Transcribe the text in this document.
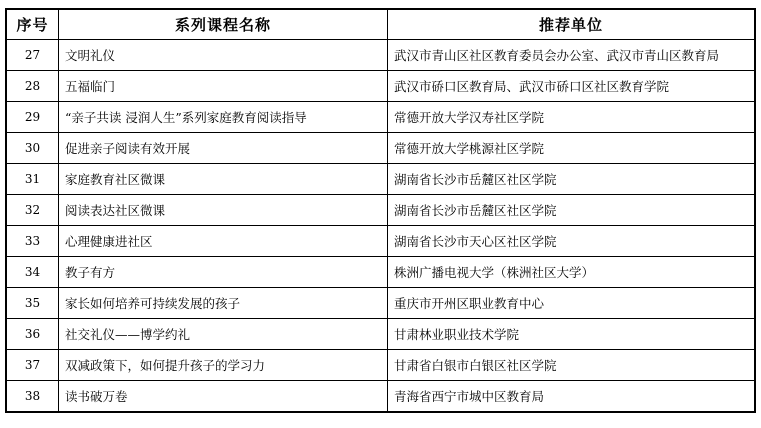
序号	系列课程名称	推荐单位
27	文明礼仪	武汉市青山区社区教育委员会办公室、武汉市青山区教育局
28	五福临门	武汉市硚口区教育局、武汉市硚口区社区教育学院
29	“亲子共读 浸润人生”系列家庭教育阅读指导	常德开放大学汉寿社区学院
30	促进亲子阅读有效开展	常德开放大学桃源社区学院
31	家庭教育社区微课	湖南省长沙市岳麓区社区学院
32	阅读表达社区微课	湖南省长沙市岳麓区社区学院
33	心理健康进社区	湖南省长沙市天心区社区学院
34	教子有方	株洲广播电视大学（株洲社区大学）
35	家长如何培养可持续发展的孩子	重庆市开州区职业教育中心
36	社交礼仪——博学约礼	甘肃林业职业技术学院
37	双减政策下，如何提升孩子的学习力	甘肃省白银市白银区社区学院
38	读书破万卷	青海省西宁市城中区教育局
